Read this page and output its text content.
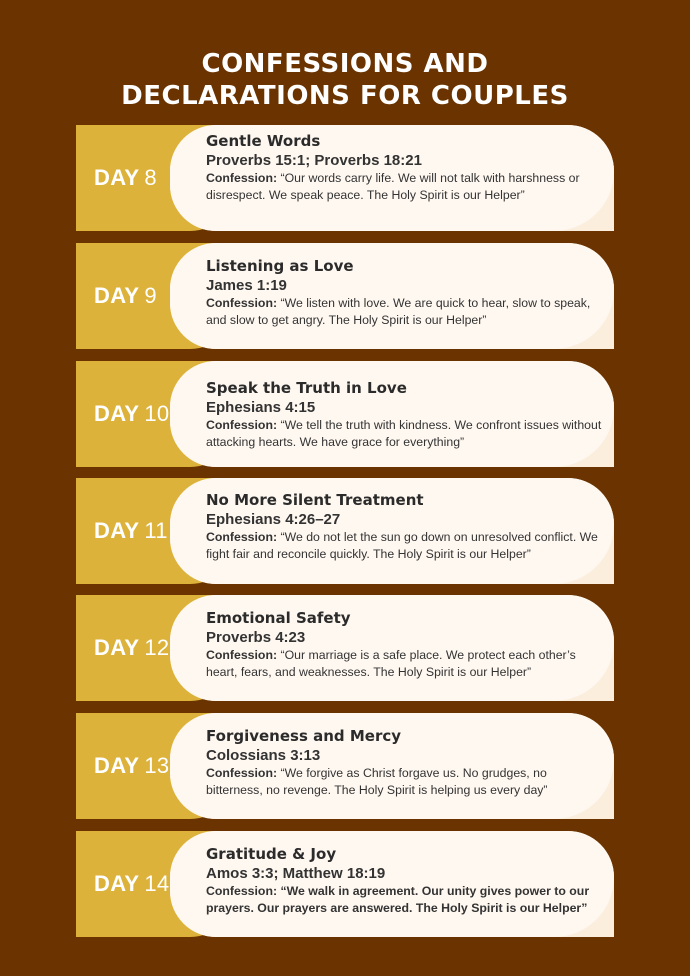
CONFESSIONS AND
DECLARATIONS FOR COUPLES
DAY 8
Gentle Words
Proverbs 15:1; Proverbs 18:21
Confession: “Our words carry life. We will not talk with harshness or disrespect. We speak peace. The Holy Spirit is our Helper”
DAY 9
Listening as Love
James 1:19
Confession: “We listen with love. We are quick to hear, slow to speak, and slow to get angry. The Holy Spirit is our Helper”
DAY 10
Speak the Truth in Love
Ephesians 4:15
Confession: “We tell the truth with kindness. We confront issues without attacking hearts. We have grace for everything”
DAY 11
No More Silent Treatment
Ephesians 4:26–27
Confession: “We do not let the sun go down on unresolved conflict. We fight fair and reconcile quickly. The Holy Spirit is our Helper”
DAY 12
Emotional Safety
Proverbs 4:23
Confession: “Our marriage is a safe place. We protect each other’s heart, fears, and weaknesses. The Holy Spirit is our Helper”
DAY 13
Forgiveness and Mercy
Colossians 3:13
Confession: “We forgive as Christ forgave us. No grudges, no bitterness, no revenge. The Holy Spirit is helping us every day”
DAY 14
Gratitude & Joy
Amos 3:3; Matthew 18:19
Confession: “We walk in agreement. Our unity gives power to our prayers. Our prayers are answered. The Holy Spirit is our Helper”
